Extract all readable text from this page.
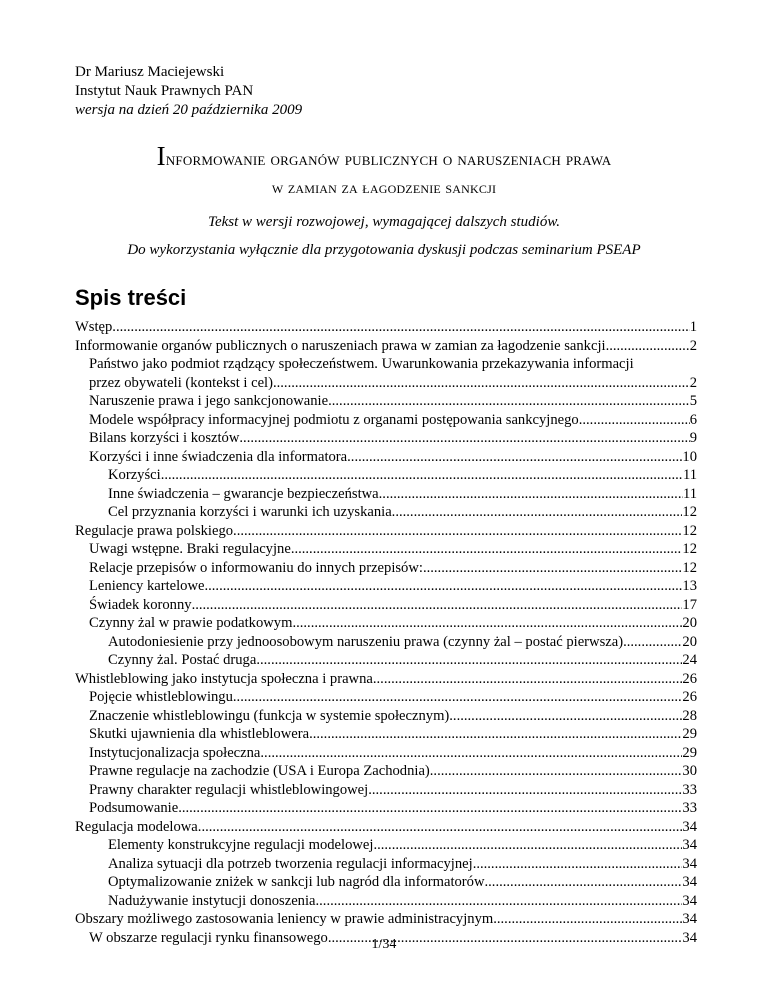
Dr Mariusz Maciejewski
Instytut Nauk Prawnych PAN
wersja na dzień 20 października 2009
Informowanie organów publicznych o naruszeniach prawa
w zamian za łagodzenie sankcji
Tekst w wersji rozwojowej, wymagającej dalszych studiów.
Do wykorzystania wyłącznie dla przygotowania dyskusji podczas seminarium PSEAP
Spis treści
Wstęp .....	1
Informowanie organów publicznych o naruszeniach prawa w zamian za łagodzenie sankcji .....	2
Państwo jako podmiot rządzący społeczeństwem. Uwarunkowania przekazywania informacji
przez obywateli (kontekst i cel) .....	2
Naruszenie prawa i jego sankcjonowanie .....	5
Modele współpracy informacyjnej podmiotu z organami postępowania sankcyjnego .....	6
Bilans korzyści i kosztów .....	9
Korzyści i inne świadczenia dla informatora .....	10
Korzyści .....	11
Inne świadczenia – gwarancje bezpieczeństwa .....	11
Cel przyznania korzyści i warunki ich uzyskania .....	12
Regulacje prawa polskiego .....	12
Uwagi wstępne. Braki regulacyjne .....	12
Relacje przepisów o informowaniu do innych przepisów: .....	12
Leniency kartelowe .....	13
Świadek koronny .....	17
Czynny żal w prawie podatkowym .....	20
Autodoniesienie przy jednoosobowym naruszeniu prawa (czynny żal – postać pierwsza) .....	20
Czynny żal. Postać druga .....	24
Whistleblowing jako instytucja społeczna i prawna .....	26
Pojęcie whistleblowingu .....	26
Znaczenie whistleblowingu (funkcja w systemie społecznym) .....	28
Skutki ujawnienia dla whistleblowera .....	29
Instytucjonalizacja społeczna .....	29
Prawne regulacje na zachodzie (USA i Europa Zachodnia) .....	30
Prawny charakter regulacji whistleblowingowej .....	33
Podsumowanie .....	33
Regulacja modelowa .....	34
Elementy konstrukcyjne regulacji modelowej .....	34
Analiza sytuacji dla potrzeb tworzenia regulacji informacyjnej .....	34
Optymalizowanie zniżek w sankcji lub nagród dla informatorów .....	34
Nadużywanie instytucji donoszenia .....	34
Obszary możliwego zastosowania leniency w prawie administracyjnym .....	34
W obszarze regulacji rynku finansowego .....	34
1/34
